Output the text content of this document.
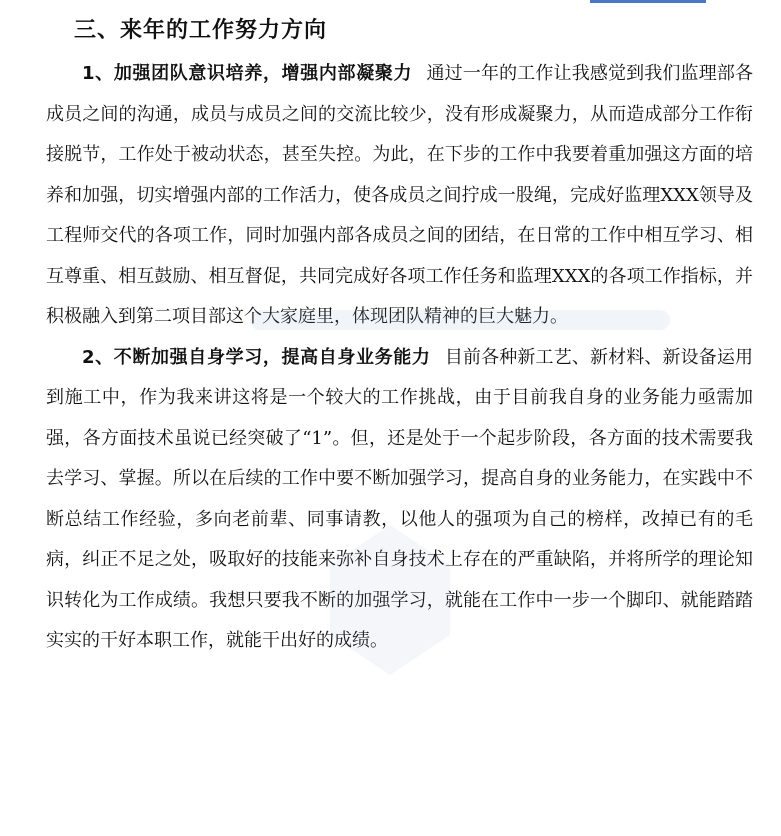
三、来年的工作努力方向

1、加强团队意识培养，增强内部凝聚力 通过一年的工作让我感觉到我们监理部各成员之间的沟通，成员与成员之间的交流比较少，没有形成凝聚力，从而造成部分工作衔接脱节，工作处于被动状态，甚至失控。为此，在下步的工作中我要着重加强这方面的培养和加强，切实增强内部的工作活力，使各成员之间拧成一股绳，完成好监理XXX领导及工程师交代的各项工作，同时加强内部各成员之间的团结，在日常的工作中相互学习、相互尊重、相互鼓励、相互督促，共同完成好各项工作任务和监理XXX的各项工作指标，并积极融入到第二项目部这个大家庭里，体现团队精神的巨大魅力。

2、不断加强自身学习，提高自身业务能力 目前各种新工艺、新材料、新设备运用到施工中，作为我来讲这将是一个较大的工作挑战，由于目前我自身的业务能力亟需加强，各方面技术虽说已经突破了“1”。但，还是处于一个起步阶段，各方面的技术需要我去学习、掌握。所以在后续的工作中要不断加强学习，提高自身的业务能力，在实践中不断总结工作经验，多向老前辈、同事请教，以他人的强项为自己的榜样，改掉已有的毛病，纠正不足之处，吸取好的技能来弥补自身技术上存在的严重缺陷，并将所学的理论知识转化为工作成绩。我想只要我不断的加强学习，就能在工作中一步一个脚印、就能踏踏实实的干好本职工作，就能干出好的成绩。
